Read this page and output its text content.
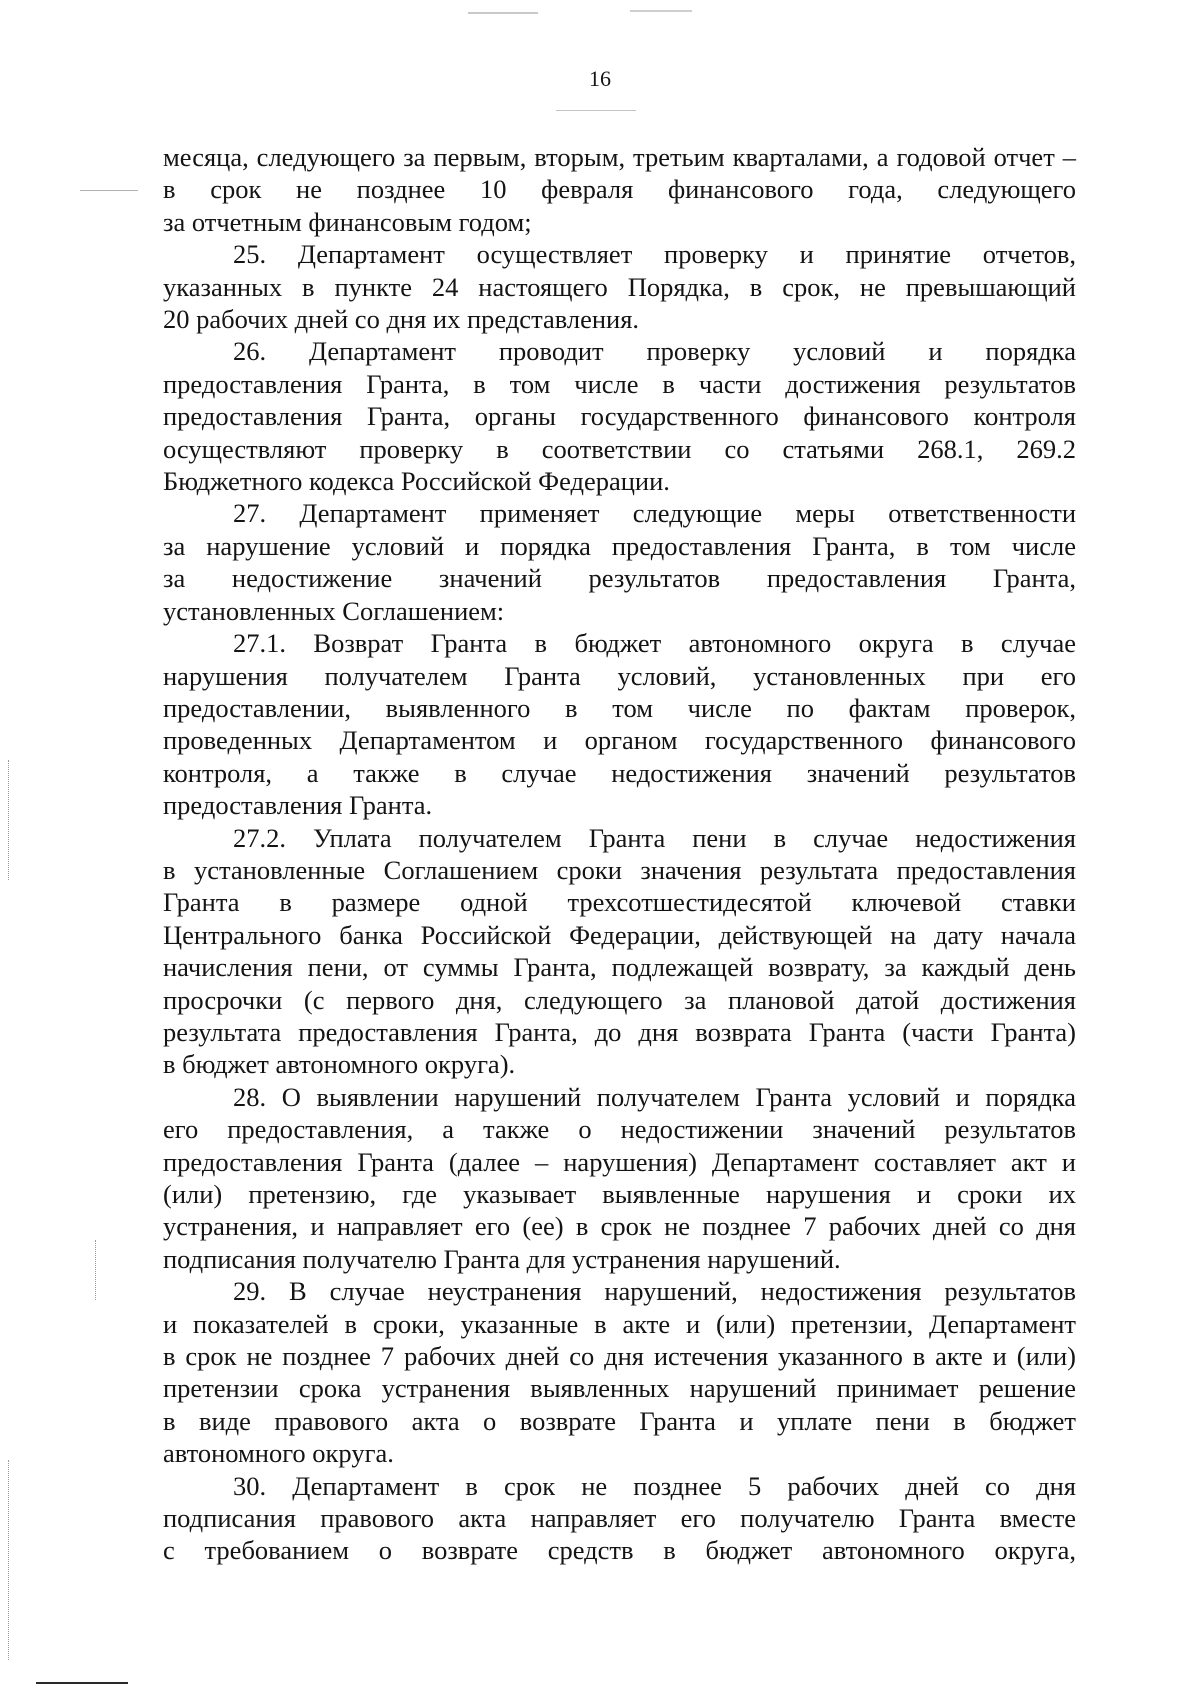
16

месяца, следующего за первым, вторым, третьим кварталами, а годовой отчет – в срок не позднее 10 февраля финансового года, следующего

за отчетным финансовым годом;

25. Департамент осуществляет проверку и принятие отчетов,

указанных в пункте 24 настоящего Порядка, в срок, не превышающий

20 рабочих дней со дня их представления.

26. Департамент проводит проверку условий и порядка

предоставления Гранта, в том числе в части достижения результатов

предоставления Гранта, органы государственного финансового контроля

осуществляют проверку в соответствии со статьями 268.1, 269.2

Бюджетного кодекса Российской Федерации.

27. Департамент применяет следующие меры ответственности

за нарушение условий и порядка предоставления Гранта, в том числе

за недостижение значений результатов предоставления Гранта,

установленных Соглашением:

27.1. Возврат Гранта в бюджет автономного округа в случае

нарушения получателем Гранта условий, установленных при его

предоставлении, выявленного в том числе по фактам проверок,

проведенных Департаментом и органом государственного финансового

контроля, а также в случае недостижения значений результатов

предоставления Гранта.

27.2. Уплата получателем Гранта пени в случае недостижения

в установленные Соглашением сроки значения результата предоставления

Гранта в размере одной трехсотшестидесятой ключевой ставки

Центрального банка Российской Федерации, действующей на дату начала

начисления пени, от суммы Гранта, подлежащей возврату, за каждый день

просрочки (с первого дня, следующего за плановой датой достижения

результата предоставления Гранта, до дня возврата Гранта (части Гранта)

в бюджет автономного округа).

28. О выявлении нарушений получателем Гранта условий и порядка

его предоставления, а также о недостижении значений результатов

предоставления Гранта (далее – нарушения) Департамент составляет акт и

(или) претензию, где указывает выявленные нарушения и сроки их

устранения, и направляет его (ее) в срок не позднее 7 рабочих дней со дня

подписания получателю Гранта для устранения нарушений.

29. В случае неустранения нарушений, недостижения результатов

и показателей в сроки, указанные в акте и (или) претензии, Департамент

в срок не позднее 7 рабочих дней со дня истечения указанного в акте и (или)

претензии срока устранения выявленных нарушений принимает решение

в виде правового акта о возврате Гранта и уплате пени в бюджет

автономного округа.

30. Департамент в срок не позднее 5 рабочих дней со дня

подписания правового акта направляет его получателю Гранта вместе

с требованием о возврате средств в бюджет автономного округа,
